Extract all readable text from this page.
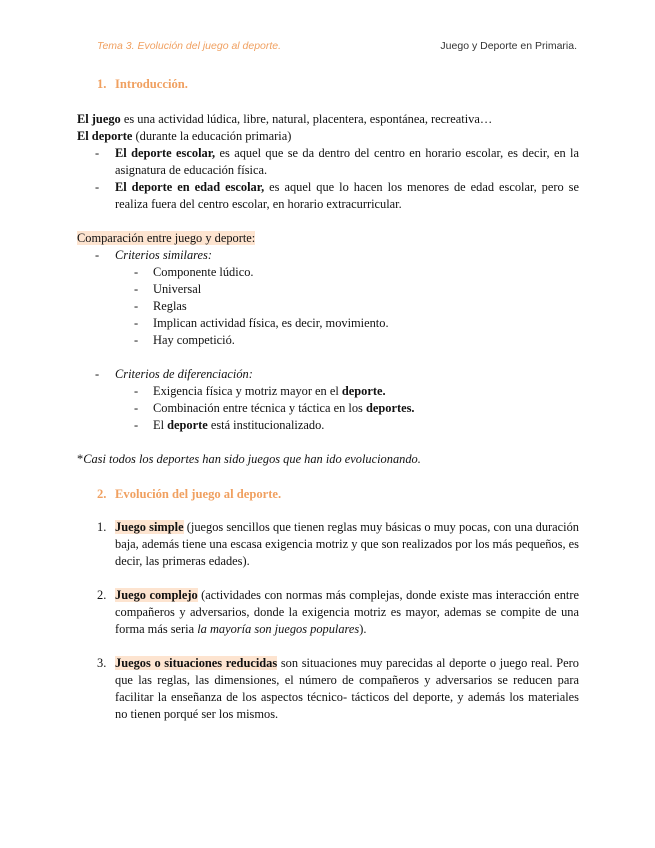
Tema 3. Evolución del juego al deporte.	Juego y Deporte en Primaria.
1. Introducción.

El juego es una actividad lúdica, libre, natural, placentera, espontánea, recreativa…

El deporte (durante la educación primaria)

- El deporte escolar, es aquel que se da dentro del centro en horario escolar, es decir, en la asignatura de educación física.

- El deporte en edad escolar, es aquel que lo hacen los menores de edad escolar, pero se realiza fuera del centro escolar, en horario extracurricular.

Comparación entre juego y deporte:

- Criterios similares:

- Componente lúdico.

- Universal

- Reglas

- Implican actividad física, es decir, movimiento.

- Hay competició.

- Criterios de diferenciación:

- Exigencia física y motriz mayor en el deporte.

- Combinación entre técnica y táctica en los deportes.

- El deporte está institucionalizado.

*Casi todos los deportes han sido juegos que han ido evolucionando.

2. Evolución del juego al deporte.

1. Juego simple (juegos sencillos que tienen reglas muy básicas o muy pocas, con una duración baja, además tiene una escasa exigencia motriz y que son realizados por los más pequeños, es decir, las primeras edades).

2. Juego complejo (actividades con normas más complejas, donde existe mas interacción entre compañeros y adversarios, donde la exigencia motriz es mayor, ademas se compite de una forma más seria la mayoría son juegos populares).

3. Juegos o situaciones reducidas son situaciones muy parecidas al deporte o juego real. Pero que las reglas, las dimensiones, el número de compañeros y adversarios se reducen para facilitar la enseñanza de los aspectos técnico- tácticos del deporte, y además los materiales no tienen porqué ser los mismos.
